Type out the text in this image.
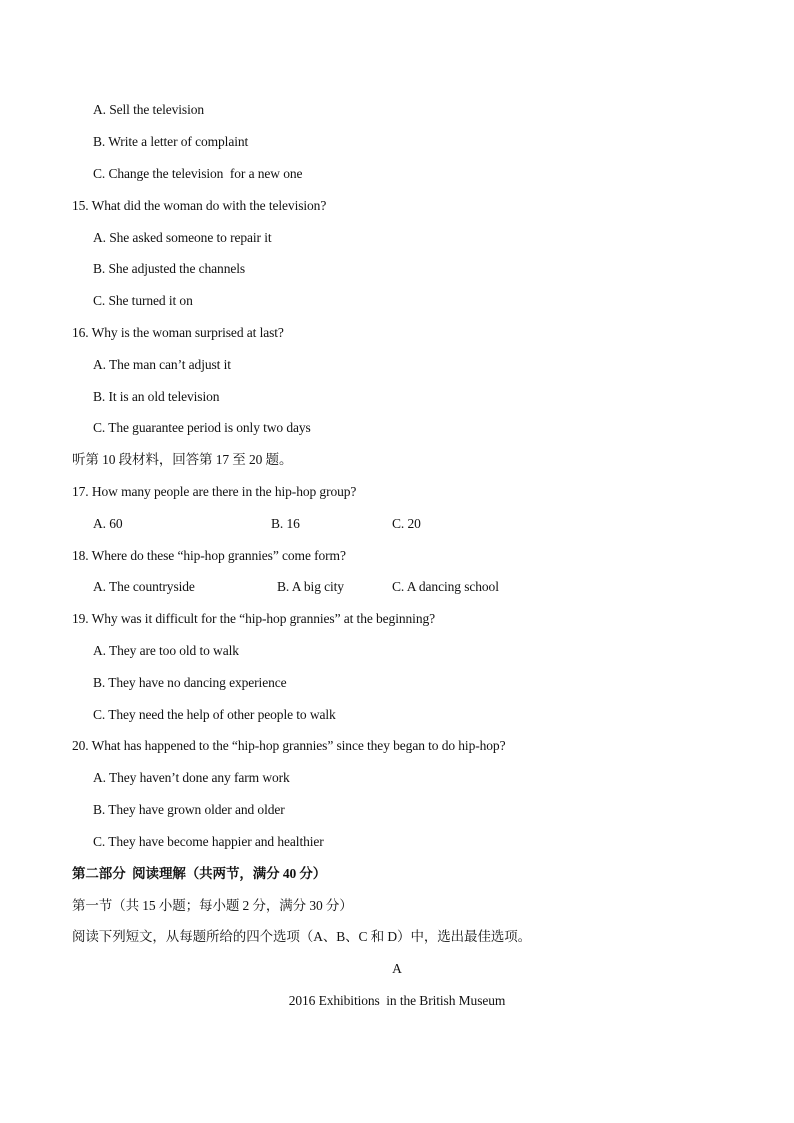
A. Sell the television
B. Write a letter of complaint
C. Change the television  for a new one
15. What did the woman do with the television?
A. She asked someone to repair it
B. She adjusted the channels
C. She turned it on
16. Why is the woman surprised at last?
A. The man can’t adjust it
B. It is an old television
C. The guarantee period is only two days
听第 10 段材料，回答第 17 至 20 题。
17. How many people are there in the hip-hop group?
A. 60	B. 16	C. 20
18. Where do these “hip-hop grannies” come form?
A. The countryside	B. A big city	C. A dancing school
19. Why was it difficult for the “hip-hop grannies” at the beginning?
A. They are too old to walk
B. They have no dancing experience
C. They need the help of other people to walk
20. What has happened to the “hip-hop grannies” since they began to do hip-hop?
A. They haven’t done any farm work
B. They have grown older and older
C. They have become happier and healthier
第二部分  阅读理解（共两节，满分 40 分）
第一节（共 15 小题；每小题 2 分，满分 30 分）
阅读下列短文，从每题所给的四个选项（A、B、C 和 D）中，选出最佳选项。
A
2016 Exhibitions  in the British Museum
